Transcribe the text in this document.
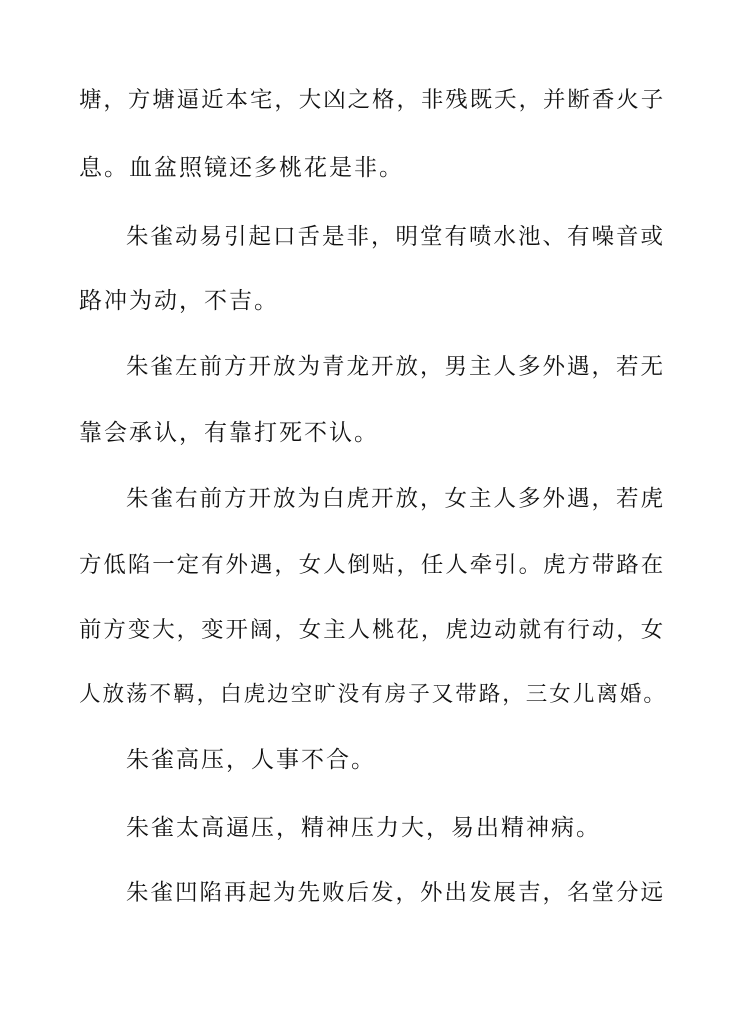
塘，方塘逼近本宅，大凶之格，非残既夭，并断香火子
息。血盆照镜还多桃花是非。
朱雀动易引起口舌是非，明堂有喷水池、有噪音或
路冲为动，不吉。
朱雀左前方开放为青龙开放，男主人多外遇，若无
靠会承认，有靠打死不认。
朱雀右前方开放为白虎开放，女主人多外遇，若虎
方低陷一定有外遇，女人倒贴，任人牵引。虎方带路在
前方变大，变开阔，女主人桃花，虎边动就有行动，女
人放荡不羁，白虎边空旷没有房子又带路，三女儿离婚。
朱雀高压，人事不合。
朱雀太高逼压，精神压力大，易出精神病。
朱雀凹陷再起为先败后发，外出发展吉，名堂分远
